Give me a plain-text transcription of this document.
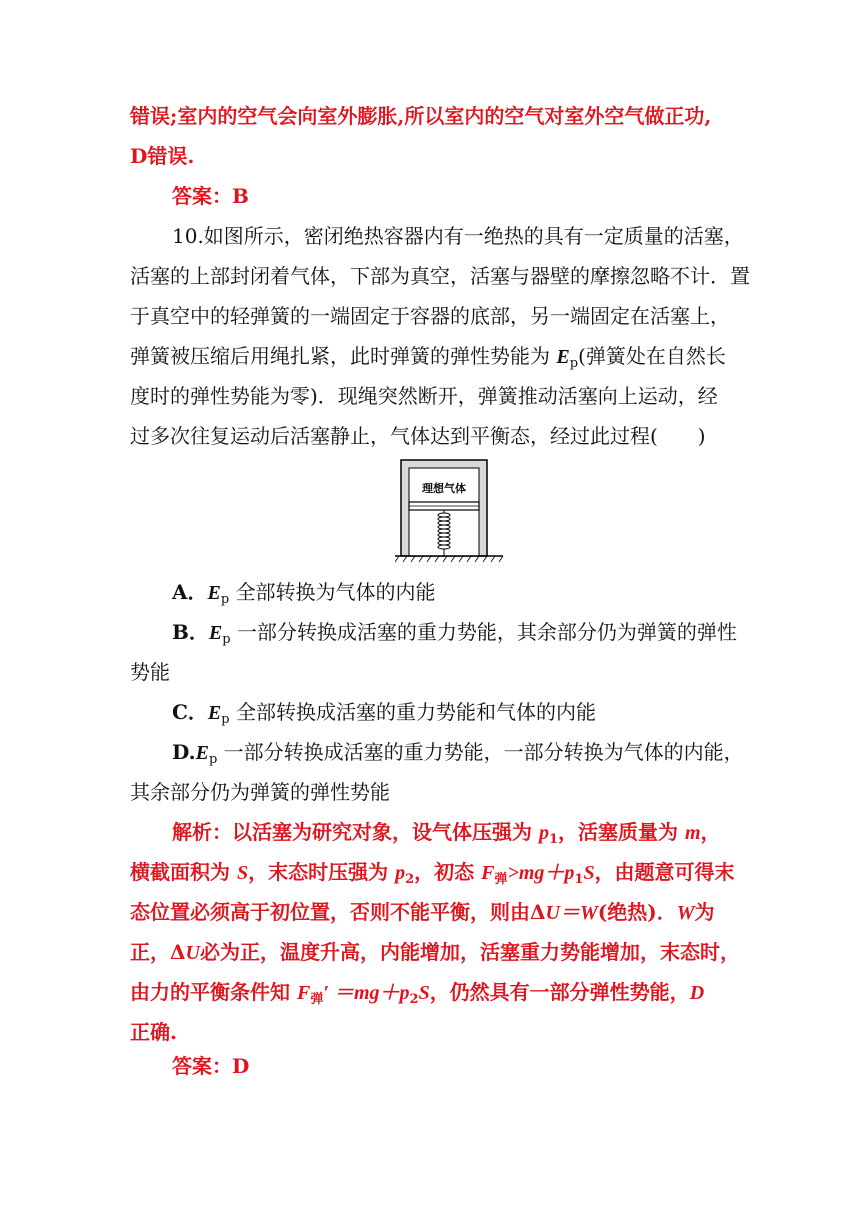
错误;室内的空气会向室外膨胀,所以室内的空气对室外空气做正功,
D错误.
答案：B
10.如图所示，密闭绝热容器内有一绝热的具有一定质量的活塞，
活塞的上部封闭着气体，下部为真空，活塞与器壁的摩擦忽略不计．置
于真空中的轻弹簧的一端固定于容器的底部，另一端固定在活塞上，
弹簧被压缩后用绳扎紧，此时弹簧的弹性势能为 $E_p$(弹簧处在自然长
度时的弹性势能为零)．现绳突然断开，弹簧推动活塞向上运动，经
过多次往复运动后活塞静止，气体达到平衡态，经过此过程(　　)
理想气体
A．$E_p$ 全部转换为气体的内能
B．$E_p$ 一部分转换成活塞的重力势能，其余部分仍为弹簧的弹性
势能
C．$E_p$ 全部转换成活塞的重力势能和气体的内能
$D.E_p$ 一部分转换成活塞的重力势能，一部分转换为气体的内能，
其余部分仍为弹簧的弹性势能
解析：以活塞为研究对象，设气体压强为 $p_1$，活塞质量为 m，
横截面积为 S，末态时压强为 $p_2$，初态 $F_弹>mg+p_1S$，由题意可得末
态位置必须高于初位置，否则不能平衡，则由ΔU＝W(绝热)．W为
正，ΔU必为正，温度升高，内能增加，活塞重力势能增加，末态时，
由力的平衡条件知 $F_弹' =mg+p_2S$，仍然具有一部分弹性势能，D
正确.
答案：D
